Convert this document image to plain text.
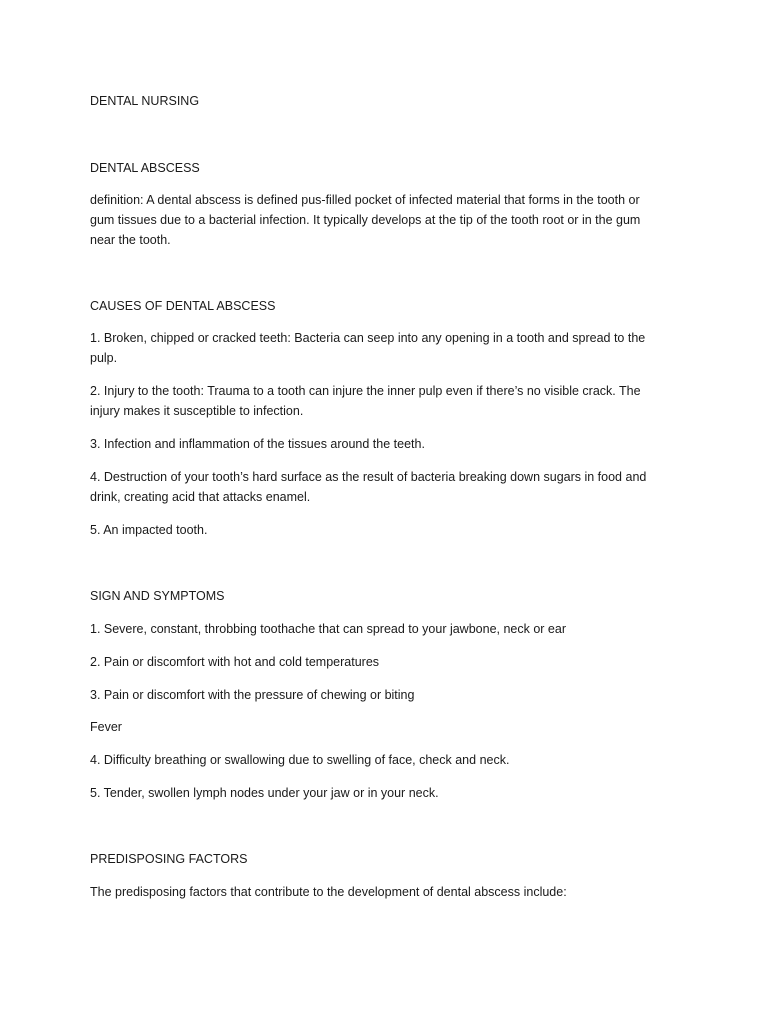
DENTAL NURSING

DENTAL ABSCESS

definition: A dental abscess is defined pus-filled pocket of infected material that forms in the tooth or

gum tissues due to a bacterial infection. It typically develops at the tip of the tooth root or in the gum

near the tooth.

CAUSES OF DENTAL ABSCESS

1. Broken, chipped or cracked teeth: Bacteria can seep into any opening in a tooth and spread to the

pulp.

2. Injury to the tooth: Trauma to a tooth can injure the inner pulp even if there’s no visible crack. The

injury makes it susceptible to infection.

3. Infection and inflammation of the tissues around the teeth.

4. Destruction of your tooth’s hard surface as the result of bacteria breaking down sugars in food and

drink, creating acid that attacks enamel.

5. An impacted tooth.

SIGN AND SYMPTOMS

1. Severe, constant, throbbing toothache that can spread to your jawbone, neck or ear

2. Pain or discomfort with hot and cold temperatures

3. Pain or discomfort with the pressure of chewing or biting

Fever

4. Difficulty breathing or swallowing due to swelling of face, check and neck.

5. Tender, swollen lymph nodes under your jaw or in your neck.

PREDISPOSING FACTORS

The predisposing factors that contribute to the development of dental abscess include:
